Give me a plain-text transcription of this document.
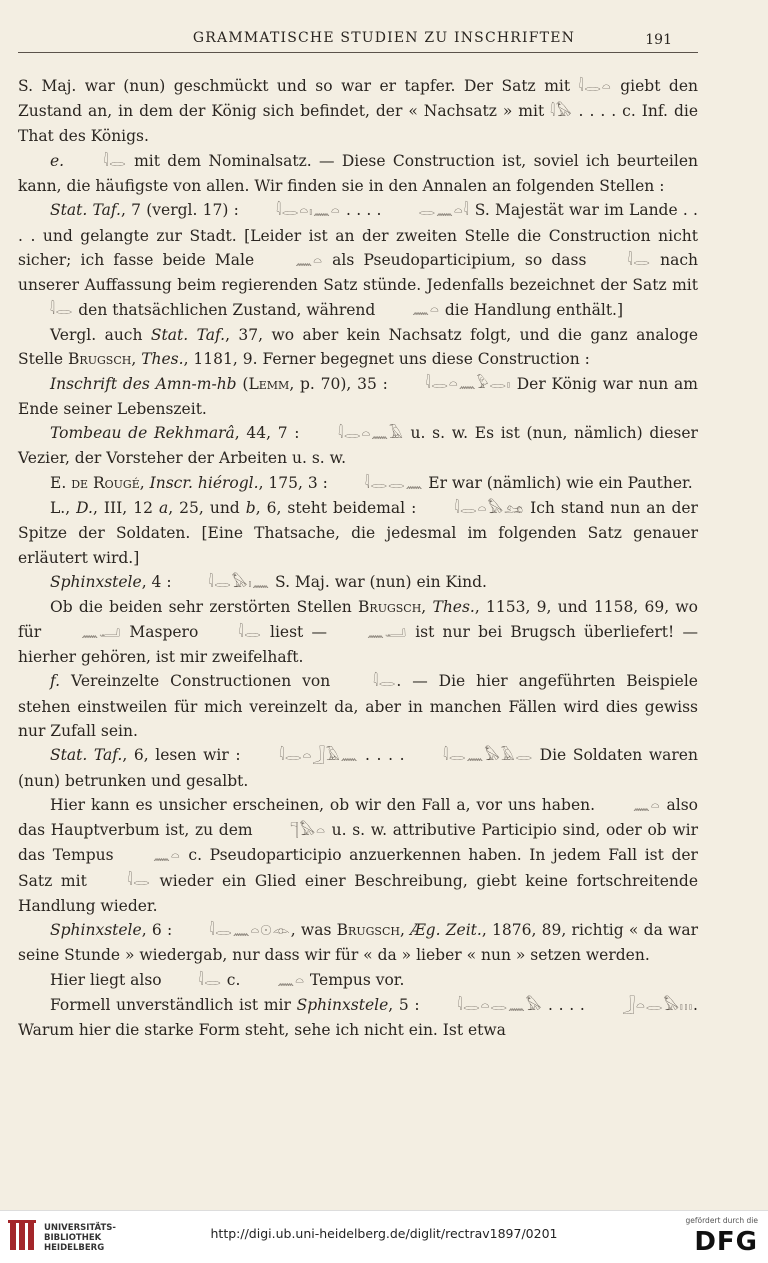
GRAMMATISCHE STUDIEN ZU INSCHRIFTEN	191

S. Maj. war (nun) geschmückt und so war er tapfer. Der Satz mit 𓇋𓂋𓏏 giebt den Zustand an, in dem der König sich befindet, der « Nachsatz » mit 𓇋𓅃 . . . . c. Inf. die That des Königs.

e.	𓇋𓂋 mit dem Nominalsatz. — Diese Construction ist, soviel ich beurteilen kann, die häufigste von allen. Wir finden sie in den Annalen an folgenden Stellen :

Stat. Taf., 7 (vergl. 17) :	𓇋𓂋𓏏𓏤𓈖𓏏 . . . .	𓂋𓈖𓏏𓇋 S. Majestät war im Lande . . . . und gelangte zur Stadt. [Leider ist an der zweiten Stelle die Construction nicht sicher; ich fasse beide Male	𓈖𓏏 als Pseudoparticipium, so dass	𓇋𓂋 nach unserer Auffassung beim regierenden Satz stünde. Jedenfalls bezeichnet der Satz mit 𓇋𓂋 den thatsächlichen Zustand, während	𓈖𓏏 die Handlung enthält.]

Vergl. auch Stat. Taf., 37, wo aber kein Nachsatz folgt, und die ganz analoge Stelle Brugsch, Thes., 1181, 9. Ferner begegnet uns diese Construction :

Inschrift des Amn-m-hb (Lemm, p. 70), 35 :	𓇋𓂋𓏏𓈖𓅱𓂋𓏤 Der König war nun am Ende seiner Lebenszeit.

Tombeau de Rekhmarâ, 44, 7 :	𓇋𓂋𓏏𓈖𓄿 u. s. w. Es ist (nun, nämlich) dieser Vezier, der Vorsteher der Arbeiten u. s. w.

E. de Rougé, Inscr. hiérogl., 175, 3 :	𓇋𓂋𓂋𓈖 Er war (nämlich) wie ein Pauther.

L., D., III, 12 a, 25, und b, 6, steht beidemal :	𓇋𓂋𓏏𓅃𓃭 Ich stand nun an der Spitze der Soldaten. [Eine Thatsache, die jedesmal im folgenden Satz genauer erläutert wird.]

Sphinxstele, 4 :	𓇋𓂋𓅃𓏤𓈖 S. Maj. war (nun) ein Kind.

Ob die beiden sehr zerstörten Stellen Brugsch, Thes., 1153, 9, und 1158, 69, wo für	𓈖𓂝 Maspero	𓇋𓂋 liest —	𓈖𓂝 ist nur bei Brugsch überliefert! — hierher gehören, ist mir zweifelhaft.

f. Vereinzelte Constructionen von	𓇋𓂋. — Die hier angeführten Beispiele stehen einstweilen für mich vereinzelt da, aber in manchen Fällen wird dies gewiss nur Zufall sein.

Stat. Taf., 6, lesen wir :	𓇋𓂋𓏏𓃀𓄿𓈖 . . . .	𓇋𓂋𓈖𓅃𓄿𓂋 Die Soldaten waren (nun) betrunken und gesalbt.

Hier kann es unsicher erscheinen, ob wir den Fall a, vor uns haben.	𓈖𓏏 also das Hauptverbum ist, zu dem	𓊹𓅃𓏏 u. s. w. attributive Participio sind, oder ob wir das Tempus	𓈖𓏏 c. Pseudoparticipio anzuerkennen haben. In jedem Fall ist der Satz mit	𓇋𓂋 wieder ein Glied einer Beschreibung, giebt keine fortschreitende Handlung wieder.

Sphinxstele, 6 :	𓇋𓂋𓈖𓏏𓇳𓁹, was Brugsch, Æg. Zeit., 1876, 89, richtig « da war seine Stunde » wiedergab, nur dass wir für « da » lieber « nun » setzen werden.

Hier liegt also	𓇋𓂋 c.	𓈖𓏏 Tempus vor.

Formell unverständlich ist mir Sphinxstele, 5 :	𓇋𓂋𓏏𓂋𓈖𓅃 . . . .	𓃀𓏏𓂋𓅃𓏥. Warum hier die starke Form steht, sehe ich nicht ein. Ist etwa

UNIVERSITÄTS-
BIBLIOTHEK
HEIDELBERG
http://digi.ub.uni-heidelberg.de/diglit/rectrav1897/0201
gefördert durch die
DFG
